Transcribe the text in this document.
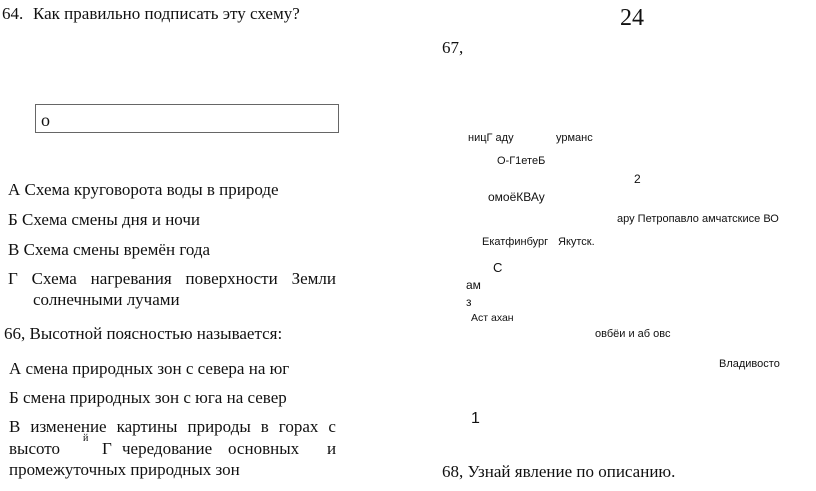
24
64. Как правильно подписать эту схему?
о
А Схема круговорота воды в природе
Б Схема смены дня и ночи
В Схема смены времён года
Г Схема нагревания поверхности Земли
солнечными лучами
66, Высотной поясностью называется:
А смена природных зон с севера на юг
Б смена природных зон с юга на север
В изменение картины природы в горах с
высото
й
Г чередование основных и
промежуточных природных зон
67,
ницГ аду	урманс
О-Г1етеБ
2
омоёКВАу
ару Петропавло амчатскисе ВО
Екатфинбург Якутск.
С
ам
з
Аст ахан
овбёи и аб овс
Владивосто
1
68, Узнай явление по описанию.
